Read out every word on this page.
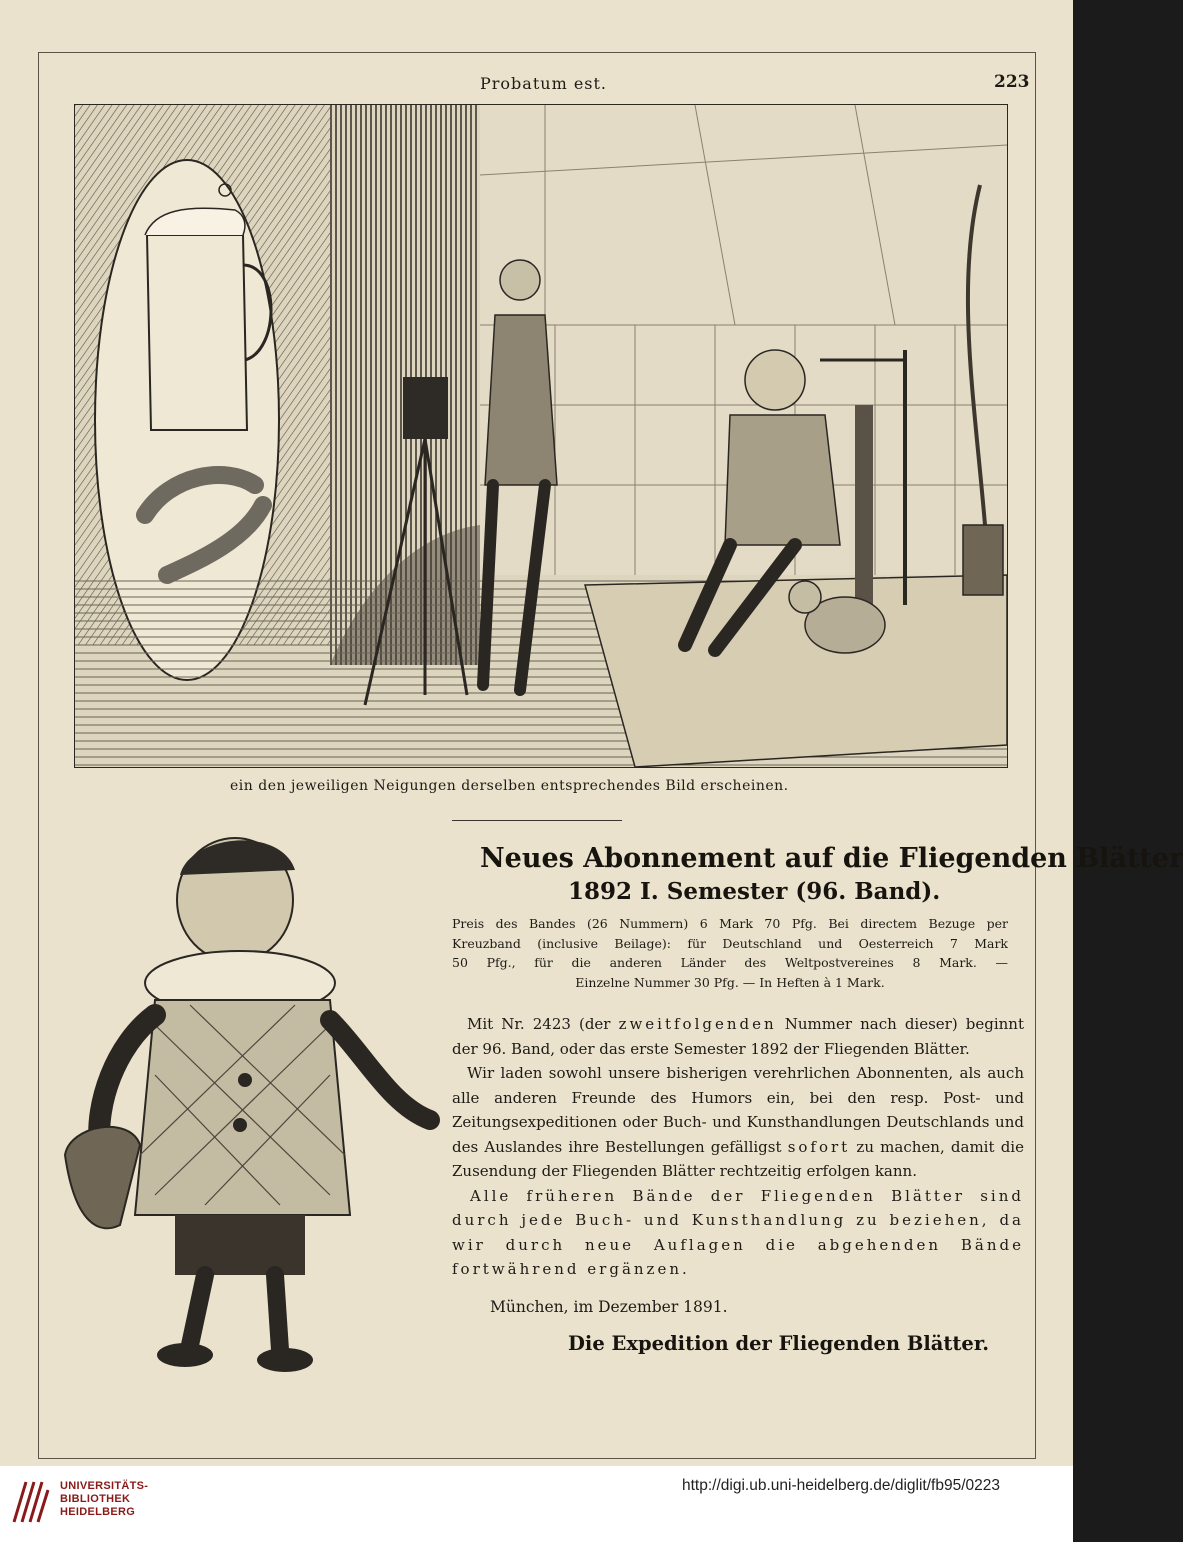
Probatum est.	223
ein den jeweiligen Neigungen derselben entsprechendes Bild erscheinen.
Neues Abonnement auf die Fliegenden Blätter
1892 I. Semester (96. Band).

Preis des Bandes (26 Nummern) 6 Mark 70 Pfg. Bei directem Bezuge per

Kreuzband (inclusive Beilage): für Deutschland und Oesterreich 7 Mark

50 Pfg., für die anderen Länder des Weltpostvereines 8 Mark. —

Einzelne Nummer 30 Pfg. — In Heften à 1 Mark.

 Mit Nr. 2423 (der zweitfolgenden Nummer nach dieser) beginnt der 96. Band, oder das erste Semester 1892 der Fliegenden Blätter.

 Wir laden sowohl unsere bisherigen verehrlichen Abonnenten, als auch alle anderen Freunde des Humors ein, bei den resp. Post- und Zeitungsexpeditionen oder Buch- und Kunsthandlungen Deutschlands und des Auslandes ihre Bestellungen gefälligst sofort zu machen, damit die Zusendung der Fliegenden Blätter rechtzeitig erfolgen kann.

 Alle früheren Bände der Fliegenden Blätter sind durch jede Buch- und Kunsthandlung zu beziehen, da wir durch neue Auflagen die abgehenden Bände fortwährend ergänzen.

München, im Dezember 1891.
Die Expedition der Fliegenden Blätter.
UNIVERSITÄTS-
BIBLIOTHEK
HEIDELBERG
http://digi.ub.uni-heidelberg.de/diglit/fb95/0223
